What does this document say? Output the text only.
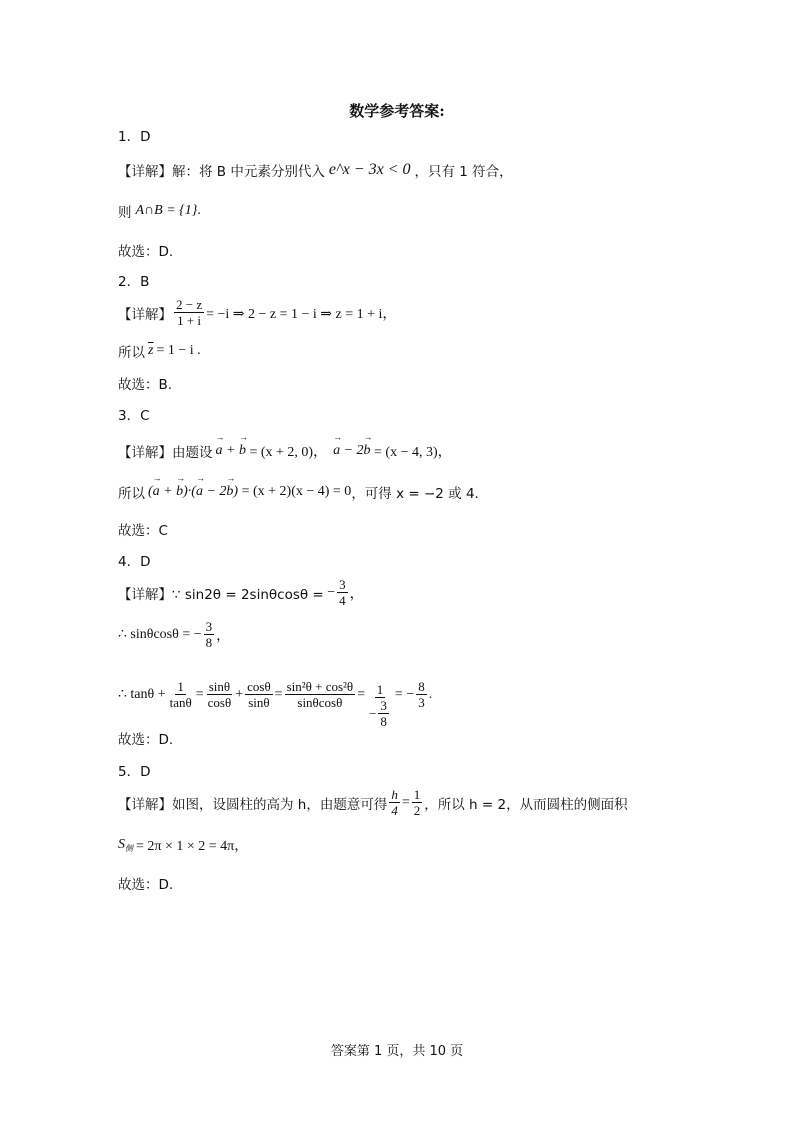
数学参考答案:
1．D
【详解】解：将 B 中元素分别代入 e^x − 3x < 0 ，只有 1 符合，
则 A∩B = {1} .
故选：D.
2．B
【详解】 $\frac{2 - z}{1 + i} = -i$ ⇒ 2 − z = 1 − i ⇒ z = 1 + i，
所以 $\overline{z} = 1 - i$ .
故选：B.
3．C
【详解】由题设 → a + → b = (x + 2, 0)， → a − 2→ b = (x − 4, 3)，
所以 (→ a + → b)·(→ a − 2→ b) = (x + 2)(x − 4) = 0 ，可得 x = −2 或 4.
故选：C
4．D
【详解】∵ sin2θ = 2sinθcosθ = − $\frac{3}{4}$ ，
∴ sinθcosθ = − $\frac{3}{8}$ ，
∴ $\tan\theta + \frac{1}{\tan\theta} = \frac{\sin\theta}{\cos\theta} + \frac{\cos\theta}{\sin\theta} = \frac{\text{sin²θ + cos²θ}}{\sin\theta\cos\theta} = \frac{1}{- \frac{3}{8}}$ = − $\frac{8}{3}$ .
故选：D.
5．D
【详解】如图，设圆柱的高为 h，由题意可得 $\frac{h}{4} = \frac{1}{2}$ ，所以 h = 2，从而圆柱的侧面积
$S_侧 = 2\pi \times 1 \times 2 = 4\pi$，
故选：D.
答案第 1 页，共 10 页
